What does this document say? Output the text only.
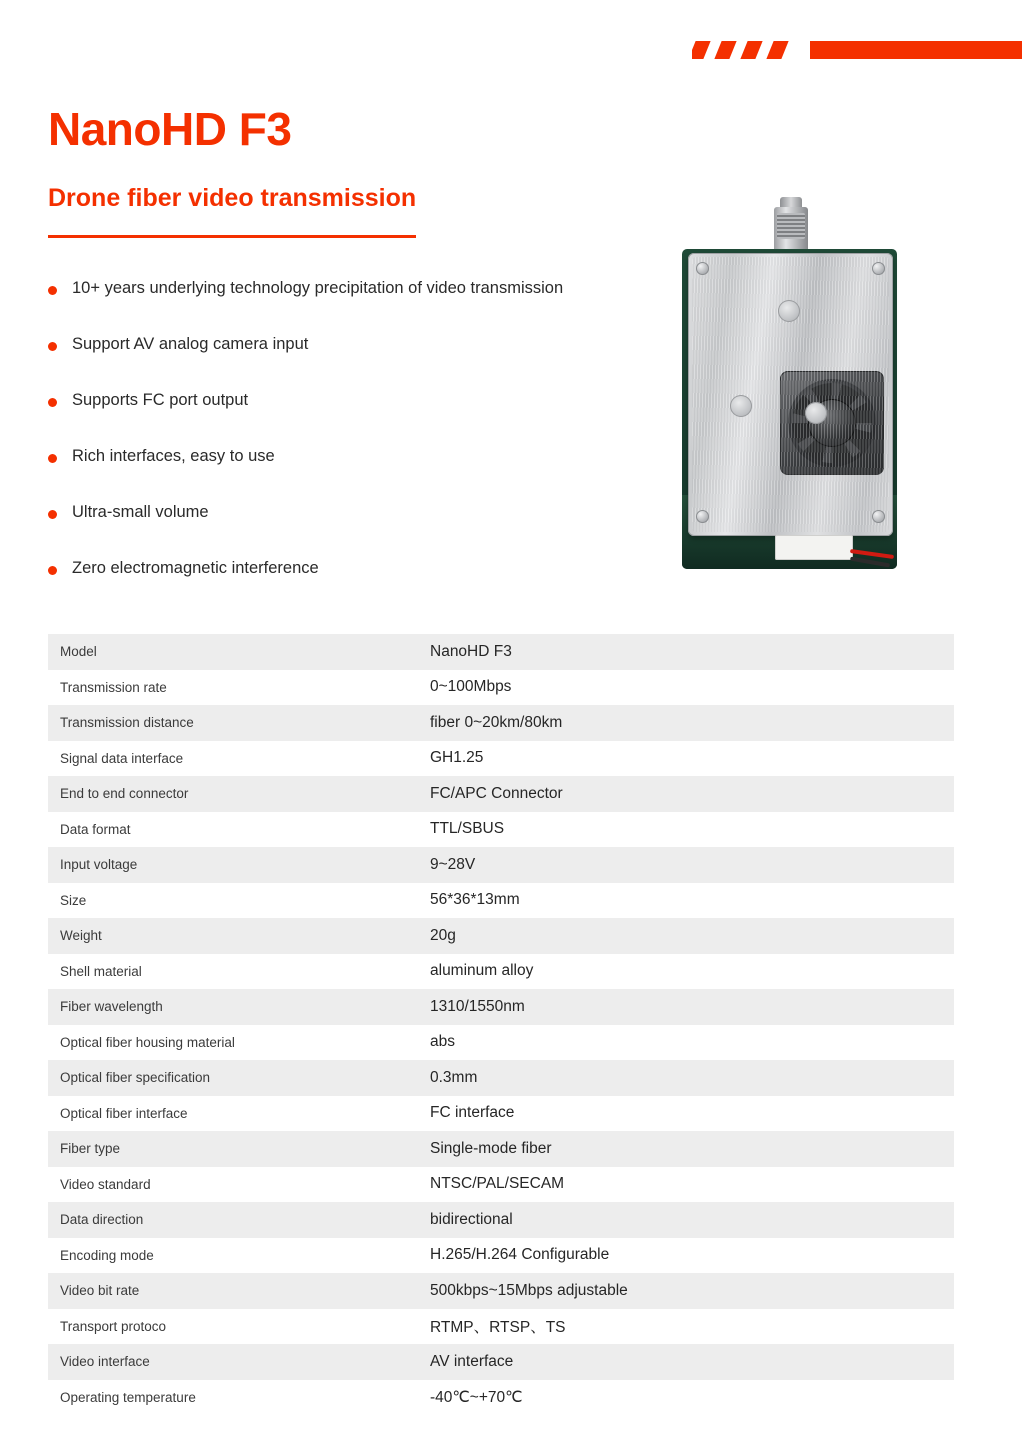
NanoHD F3
Drone fiber video transmission
10+ years underlying technology precipitation of video transmission
Support AV analog camera input
Supports FC port output
Rich interfaces, easy to use
Ultra-small volume
Zero electromagnetic interference
Model	NanoHD F3
Transmission rate	0~100Mbps
Transmission distance	fiber 0~20km/80km
Signal data interface	GH1.25
End to end connector	FC/APC Connector
Data format	TTL/SBUS
Input voltage	9~28V
Size	56*36*13mm
Weight	20g
Shell material	aluminum alloy
Fiber wavelength	1310/1550nm
Optical fiber housing material	abs
Optical fiber specification	0.3mm
Optical fiber interface	FC interface
Fiber type	Single-mode fiber
Video standard	NTSC/PAL/SECAM
Data direction	bidirectional
Encoding mode	H.265/H.264 Configurable
Video bit rate	500kbps~15Mbps adjustable
Transport protoco	RTMP、RTSP、TS
Video interface	AV interface
Operating temperature	-40℃~+70℃
